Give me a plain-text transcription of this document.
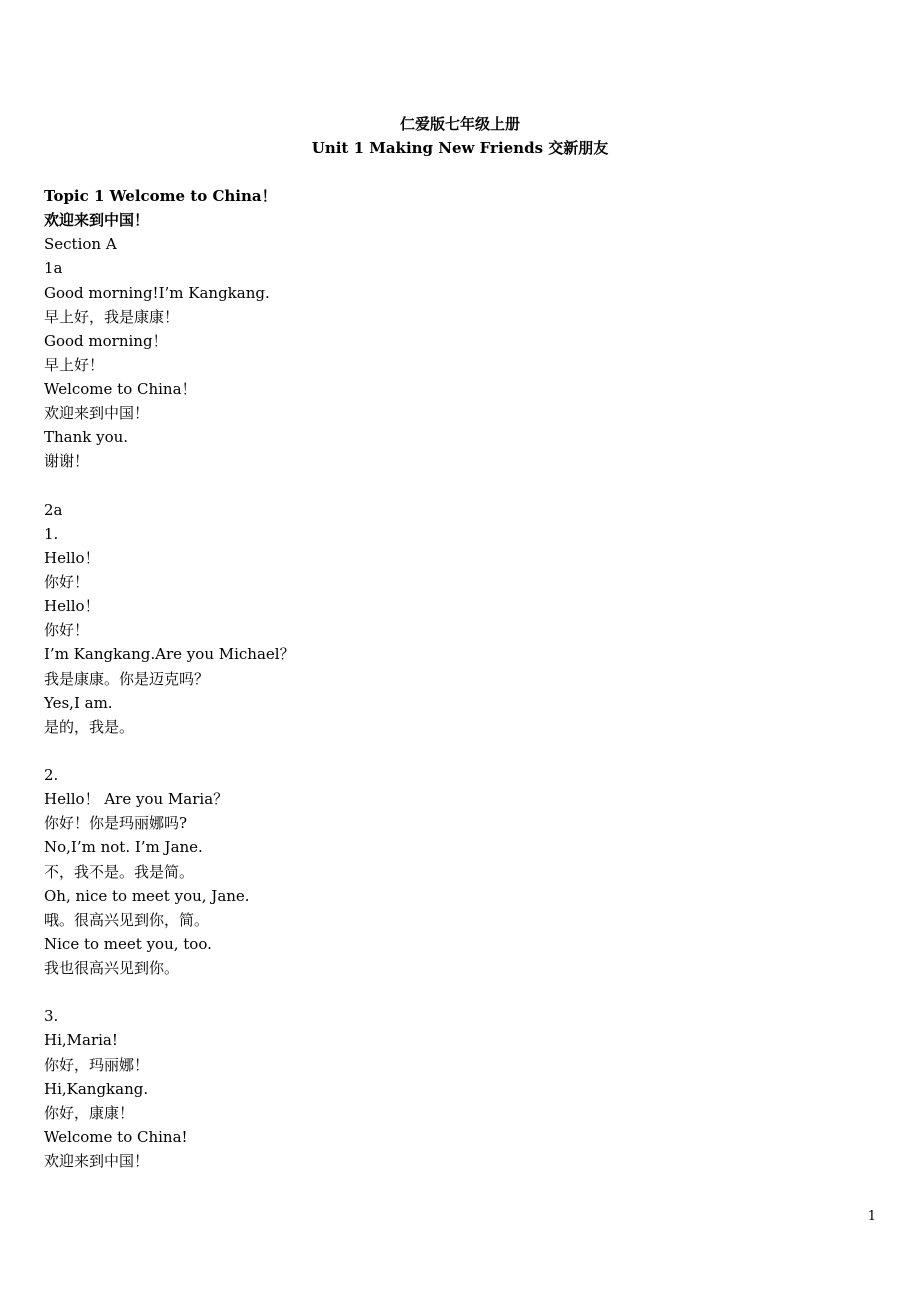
仁爱版七年级上册
Unit 1 Making New Friends 交新朋友
Topic 1 Welcome to China！
欢迎来到中国！
Section A
1a
Good morning!I’m Kangkang.
早上好，我是康康！
Good morning！
早上好！
Welcome to China！
欢迎来到中国！
Thank you.
谢谢！
2a
1.
Hello！
你好！
Hello！
你好！
I’m Kangkang.Are you Michael？
我是康康。你是迈克吗？
Yes,I am.
是的，我是。
2.
Hello！ Are you Maria？
你好！你是玛丽娜吗?
No,I’m not. I’m Jane.
不，我不是。我是简。
Oh, nice to meet you, Jane.
哦。很高兴见到你，简。
Nice to meet you, too.
我也很高兴见到你。
3.
Hi,Maria!
你好，玛丽娜！
Hi,Kangkang.
你好，康康！
Welcome to China!
欢迎来到中国！
1
